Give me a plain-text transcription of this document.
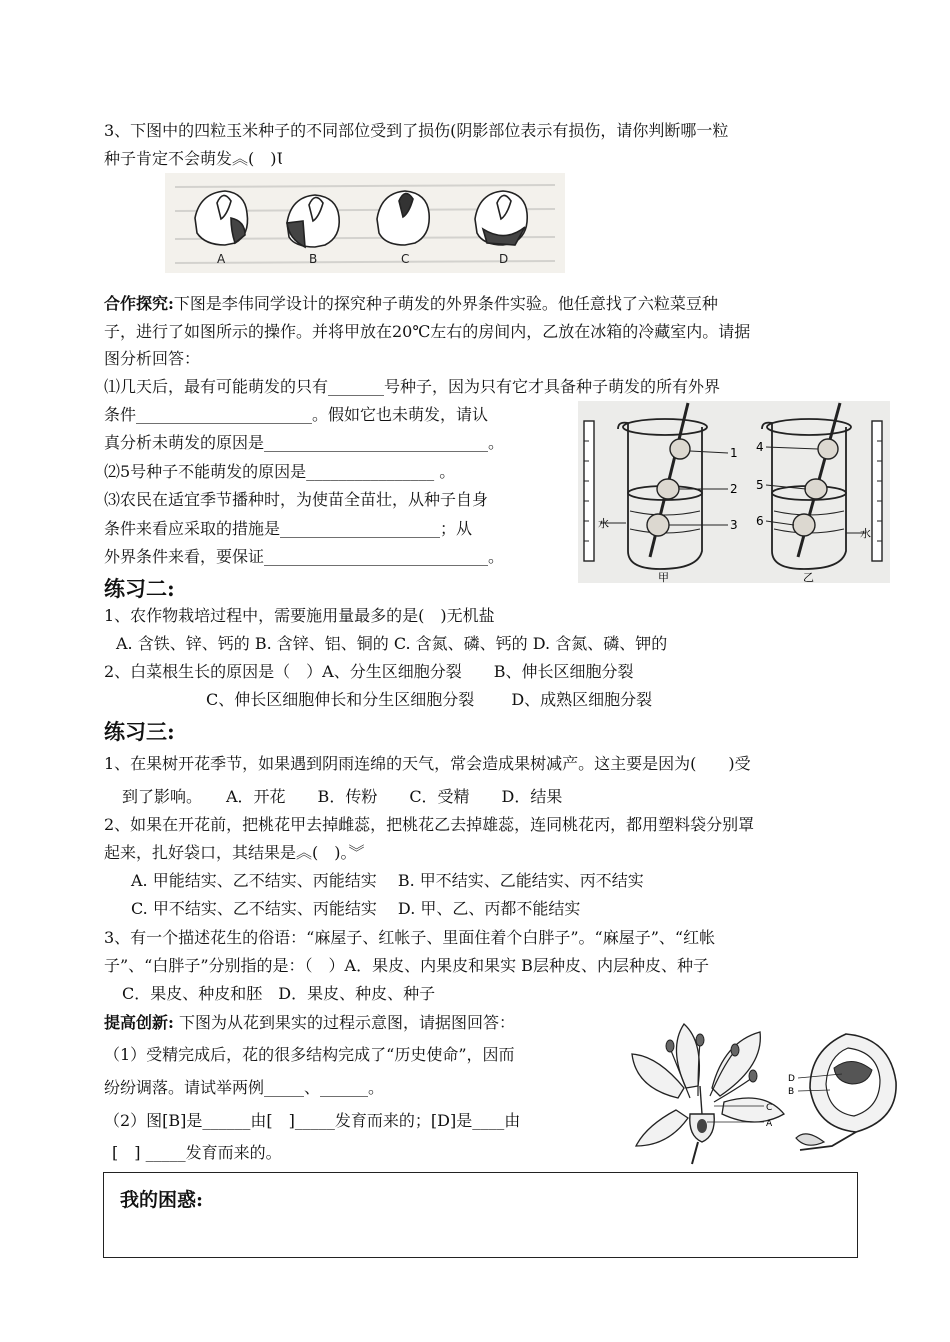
3、下图中的四粒玉米种子的不同部位受到了损伤(阴影部位表示有损伤，请你判断哪一粒
种子肯定不会萌发︽(　)Ɩ
A	B	C	D
合作探究:下图是李伟同学设计的探究种子萌发的外界条件实验。他任意找了六粒菜豆种
子，进行了如图所示的操作。并将甲放在20℃左右的房间内，乙放在冰箱的冷藏室内。请据
图分析回答：
⑴几天后，最有可能萌发的只有_______号种子，因为只有它才具备种子萌发的所有外界
条件______________________。假如它也未萌发，请认
真分析未萌发的原因是____________________________。
⑵5号种子不能萌发的原因是________________ 。
⑶农民在适宜季节播种时，为使苗全苗壮，从种子自身
条件来看应采取的措施是____________________；从
外界条件来看，要保证____________________________。
1
2
3
4
5
6
水
水
甲	乙
练习二:
1、农作物栽培过程中，需要施用量最多的是(　)无机盐
A. 含铁、锌、钙的 B. 含锌、铝、铜的 C. 含氮、磷、钙的 D. 含氮、磷、钾的
2、白菜根生长的原因是（　）A、分生区细胞分裂　　B、伸长区细胞分裂
C、伸长区细胞伸长和分生区细胞分裂　　 D、成熟区细胞分裂
练习三:
1、在果树开花季节，如果遇到阴雨连绵的天气，常会造成果树减产。这主要是因为(　　)受
到了影响。　　A．开花　　B．传粉　　C．受精　　D．结果
2、如果在开花前，把桃花甲去掉雌蕊，把桃花乙去掉雄蕊，连同桃花丙，都用塑料袋分别罩
起来，扎好袋口，其结果是︽(　)。︾
A. 甲能结实、乙不结实、丙能结实　 B. 甲不结实、乙能结实、丙不结实
C. 甲不结实、乙不结实、丙能结实　 D. 甲、乙、丙都不能结实
3、有一个描述花生的俗语：“麻屋子、红帐子、里面住着个白胖子”。“麻屋子”、“红帐
子”、“白胖子”分别指的是：（　）A．果皮、内果皮和果实 B层种皮、内层种皮、种子
C．果皮、种皮和胚　D．果皮、种皮、种子
提高创新: 下图为从花到果实的过程示意图，请据图回答：
（1）受精完成后，花的很多结构完成了“历史使命”，因而
纷纷调落。请试举两例_____、______。
（2）图[B]是______由[　]_____发育而来的；[D]是____由
[　] _____发育而来的。
C
A
D
B
我的困惑:
